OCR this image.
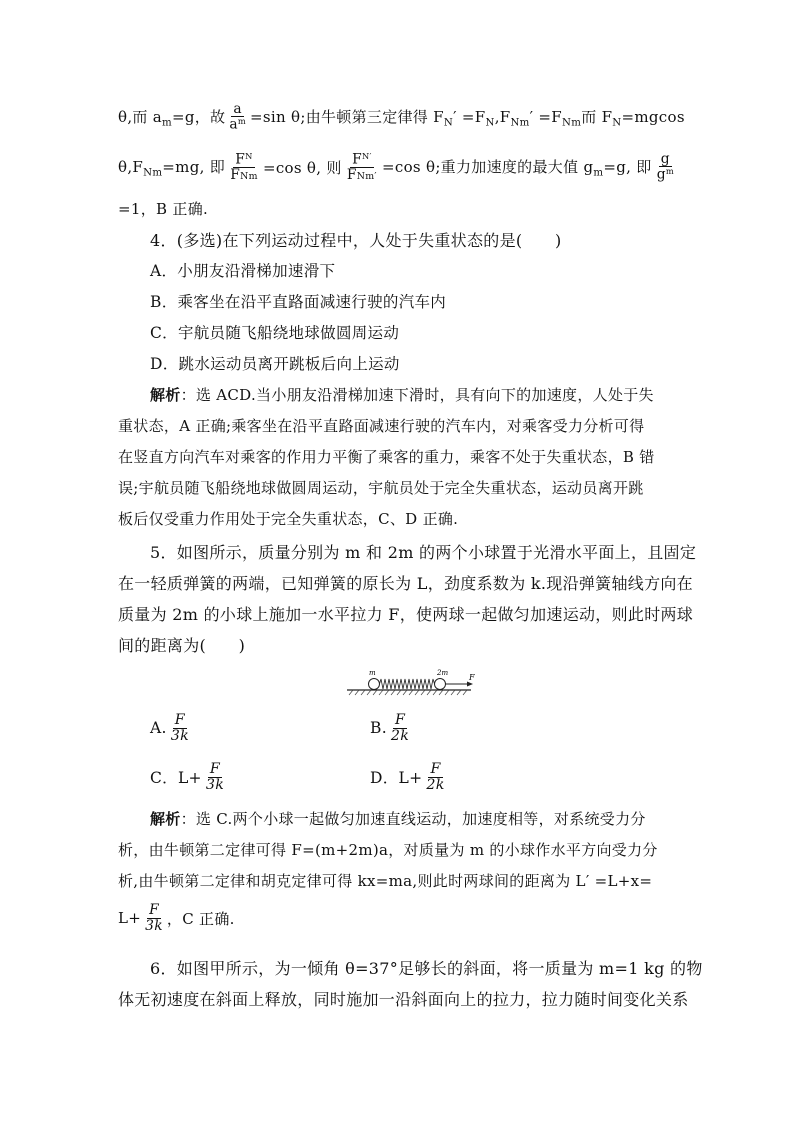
θ,而 $a_m=g$，故 $\frac{a}{a^m} =\sin$ θ;由牛顿第三定律得 $F_N' =F_N,F_{Nm}' =F_{Nm}$ 而 $F_N=mgcos$
$\theta,F_{Nm}=mg$, 即 $\frac{F^N}{\text{FNm}} =\cos$ θ, 则 $\frac{F^{N'}}{\text{FNm′}} =\cos$ θ;重力加速度的最大值 $g_m=g$, 即 $\frac{g}{g^m}$
=1，B 正确.
4．(多选)在下列运动过程中，人处于失重状态的是(　　)
A．小朋友沿滑梯加速滑下
B．乘客坐在沿平直路面减速行驶的汽车内
C．宇航员随飞船绕地球做圆周运动
D．跳水运动员离开跳板后向上运动
解析 ：选 ACD.当小朋友沿滑梯加速下滑时，具有向下的加速度，人处于失
重状态，A 正确;乘客坐在沿平直路面减速行驶的汽车内，对乘客受力分析可得
在竖直方向汽车对乘客的作用力平衡了乘客的重力，乘客不处于失重状态，B 错
误;宇航员随飞船绕地球做圆周运动，宇航员处于完全失重状态，运动员离开跳
板后仅受重力作用处于完全失重状态，C、D 正确.
5．如图所示，质量分别为 m 和 2m 的两个小球置于光滑水平面上，且固定
在一轻质弹簧的两端，已知弹簧的原长为 L，劲度系数为 k.现沿弹簧轴线方向在
质量为 2m 的小球上施加一水平拉力 F，使两球一起做匀加速运动，则此时两球
间的距离为(　　)
m	2m	F
A. $\frac{F}{3k}$	B. $\frac{F}{2k}$
C．$L+ \frac{F}{3k}$	D．$L+ \frac{F}{2k}$
解析 ：选 C.两个小球一起做匀加速直线运动，加速度相等，对系统受力分
析，由牛顿第二定律可得 F=(m+2m)a，对质量为 m 的小球作水平方向受力分
析,由牛顿第二定律和胡克定律可得 kx=ma,则此时两球间的距离为 L′ =L+x=
$L+ \frac{F}{3k}$ ，C 正确.
6．如图甲所示，为一倾角 θ=37°足够长的斜面，将一质量为 m=1 kg 的物
体无初速度在斜面上释放，同时施加一沿斜面向上的拉力，拉力随时间变化关系
